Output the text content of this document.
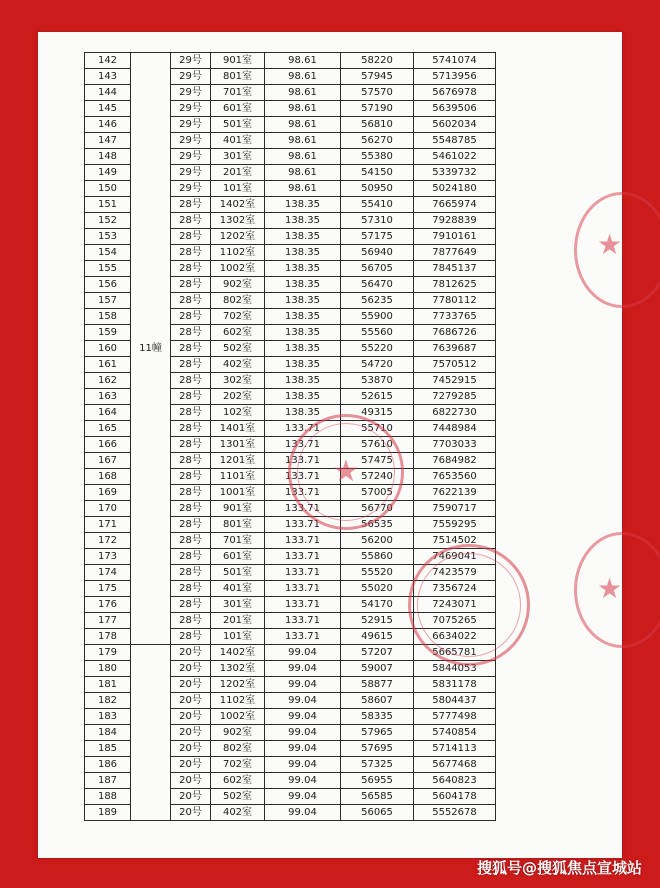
142	11幢	29号	901室	98.61	58220	5741074
143		29号	801室	98.61	57945	5713956
144		29号	701室	98.61	57570	5676978
145		29号	601室	98.61	57190	5639506
146		29号	501室	98.61	56810	5602034
147		29号	401室	98.61	56270	5548785
148		29号	301室	98.61	55380	5461022
149		29号	201室	98.61	54150	5339732
150		29号	101室	98.61	50950	5024180
151		28号	1402室	138.35	55410	7665974
152		28号	1302室	138.35	57310	7928839
153		28号	1202室	138.35	57175	7910161
154		28号	1102室	138.35	56940	7877649
155		28号	1002室	138.35	56705	7845137
156		28号	902室	138.35	56470	7812625
157		28号	802室	138.35	56235	7780112
158		28号	702室	138.35	55900	7733765
159		28号	602室	138.35	55560	7686726
160		28号	502室	138.35	55220	7639687
161		28号	402室	138.35	54720	7570512
162		28号	302室	138.35	53870	7452915
163		28号	202室	138.35	52615	7279285
164		28号	102室	138.35	49315	6822730
165		28号	1401室	133.71	55710	7448984
166		28号	1301室	133.71	57610	7703033
167		28号	1201室	133.71	57475	7684982
168		28号	1101室	133.71	57240	7653560
169		28号	1001室	133.71	57005	7622139
170		28号	901室	133.71	56770	7590717
171		28号	801室	133.71	56535	7559295
172		28号	701室	133.71	56200	7514502
173		28号	601室	133.71	55860	7469041
174		28号	501室	133.71	55520	7423579
175		28号	401室	133.71	55020	7356724
176		28号	301室	133.71	54170	7243071
177		28号	201室	133.71	52915	7075265
178		28号	101室	133.71	49615	6634022
179		20号	1402室	99.04	57207	5665781
180		20号	1302室	99.04	59007	5844053
181		20号	1202室	99.04	58877	5831178
182		20号	1102室	99.04	58607	5804437
183		20号	1002室	99.04	58335	5777498
184		20号	902室	99.04	57965	5740854
185		20号	802室	99.04	57695	5714113
186		20号	702室	99.04	57325	5677468
187		20号	602室	99.04	56955	5640823
188		20号	502室	99.04	56585	5604178
189		20号	402室	99.04	56065	5552678
★
★
★
搜狐号@搜狐焦点宣城站
